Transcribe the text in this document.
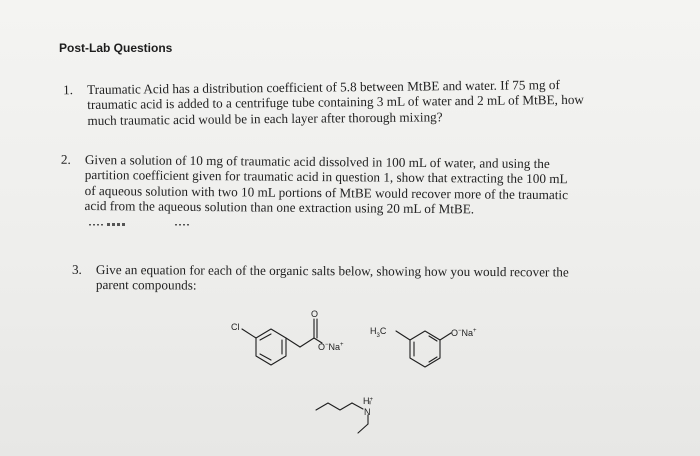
Post-Lab Questions
1. Traumatic Acid has a distribution coefficient of 5.8 between MtBE and water. If 75 mg of
traumatic acid is added to a centrifuge tube containing 3 mL of water and 2 mL of MtBE, how
much traumatic acid would be in each layer after thorough mixing?
2. Given a solution of 10 mg of traumatic acid dissolved in 100 mL of water, and using the
partition coefficient given for traumatic acid in question 1, show that extracting the 100 mL
of aqueous solution with two 10 mL portions of MtBE would recover more of the traumatic
acid from the aqueous solution than one extraction using 20 mL of MtBE.
3. Give an equation for each of the organic salts below, showing how you would recover the
parent compounds:
Cl
O
O−Na+
$H_3C$	O−Na+
H+
N
